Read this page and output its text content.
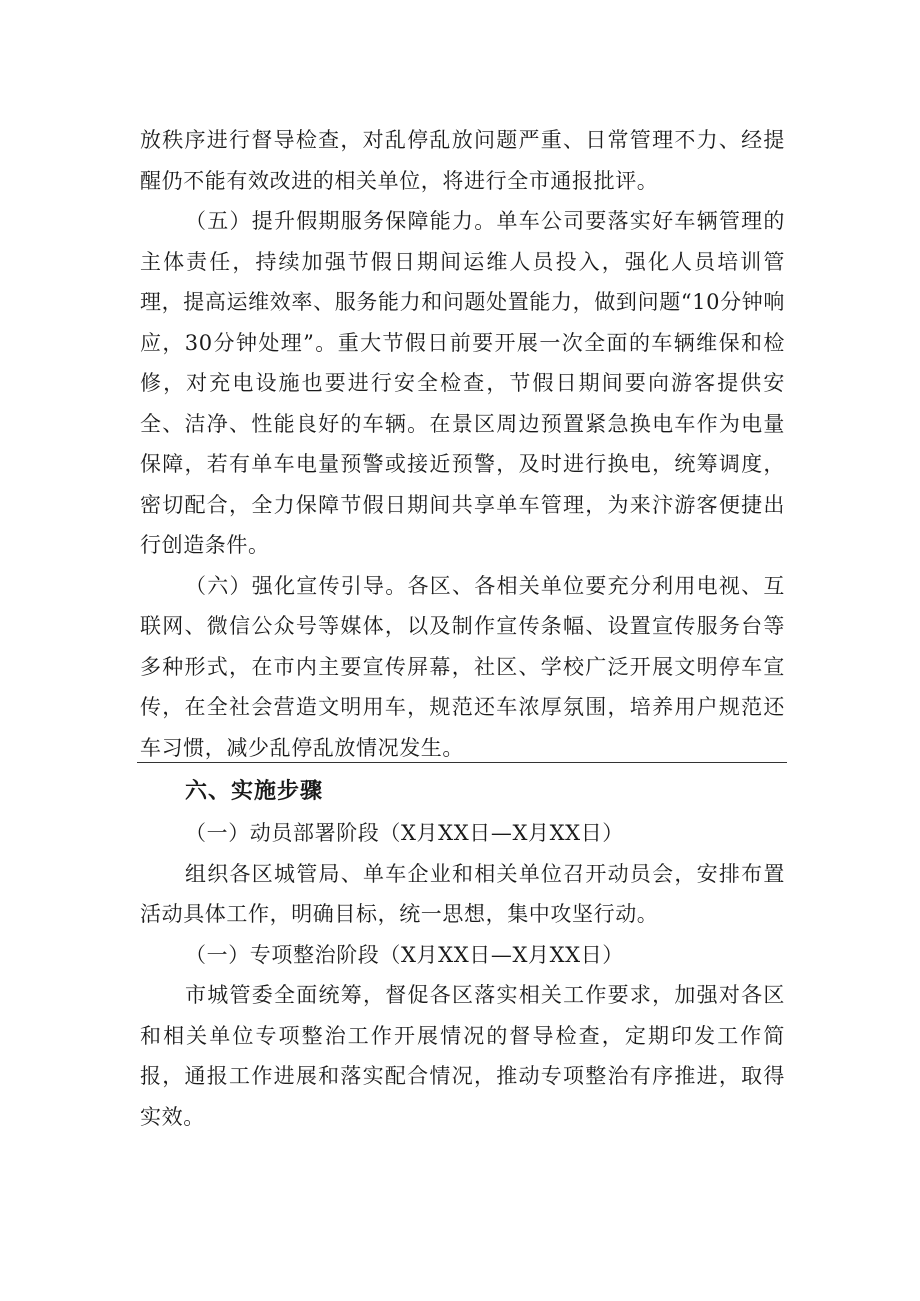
放秩序进行督导检查，对乱停乱放问题严重、日常管理不力、经提醒仍不能有效改进的相关单位，将进行全市通报批评。

（五）提升假期服务保障能力。单车公司要落实好车辆管理的主体责任，持续加强节假日期间运维人员投入，强化人员培训管理，提高运维效率、服务能力和问题处置能力，做到问题“10分钟响应，30分钟处理”。重大节假日前要开展一次全面的车辆维保和检修，对充电设施也要进行安全检查，节假日期间要向游客提供安全、洁净、性能良好的车辆。在景区周边预置紧急换电车作为电量保障，若有单车电量预警或接近预警，及时进行换电，统筹调度，密切配合，全力保障节假日期间共享单车管理，为来汴游客便捷出行创造条件。

（六）强化宣传引导。各区、各相关单位要充分利用电视、互联网、微信公众号等媒体，以及制作宣传条幅、设置宣传服务台等多种形式，在市内主要宣传屏幕，社区、学校广泛开展文明停车宣传，在全社会营造文明用车，规范还车浓厚氛围，培养用户规范还车习惯，减少乱停乱放情况发生。

六、实施步骤

（一）动员部署阶段（X月XX日—X月XX日）

组织各区城管局、单车企业和相关单位召开动员会，安排布置活动具体工作，明确目标，统一思想，集中攻坚行动。

（一）专项整治阶段（X月XX日—X月XX日）

市城管委全面统筹，督促各区落实相关工作要求，加强对各区和相关单位专项整治工作开展情况的督导检查，定期印发工作简报，通报工作进展和落实配合情况，推动专项整治有序推进，取得实效。
